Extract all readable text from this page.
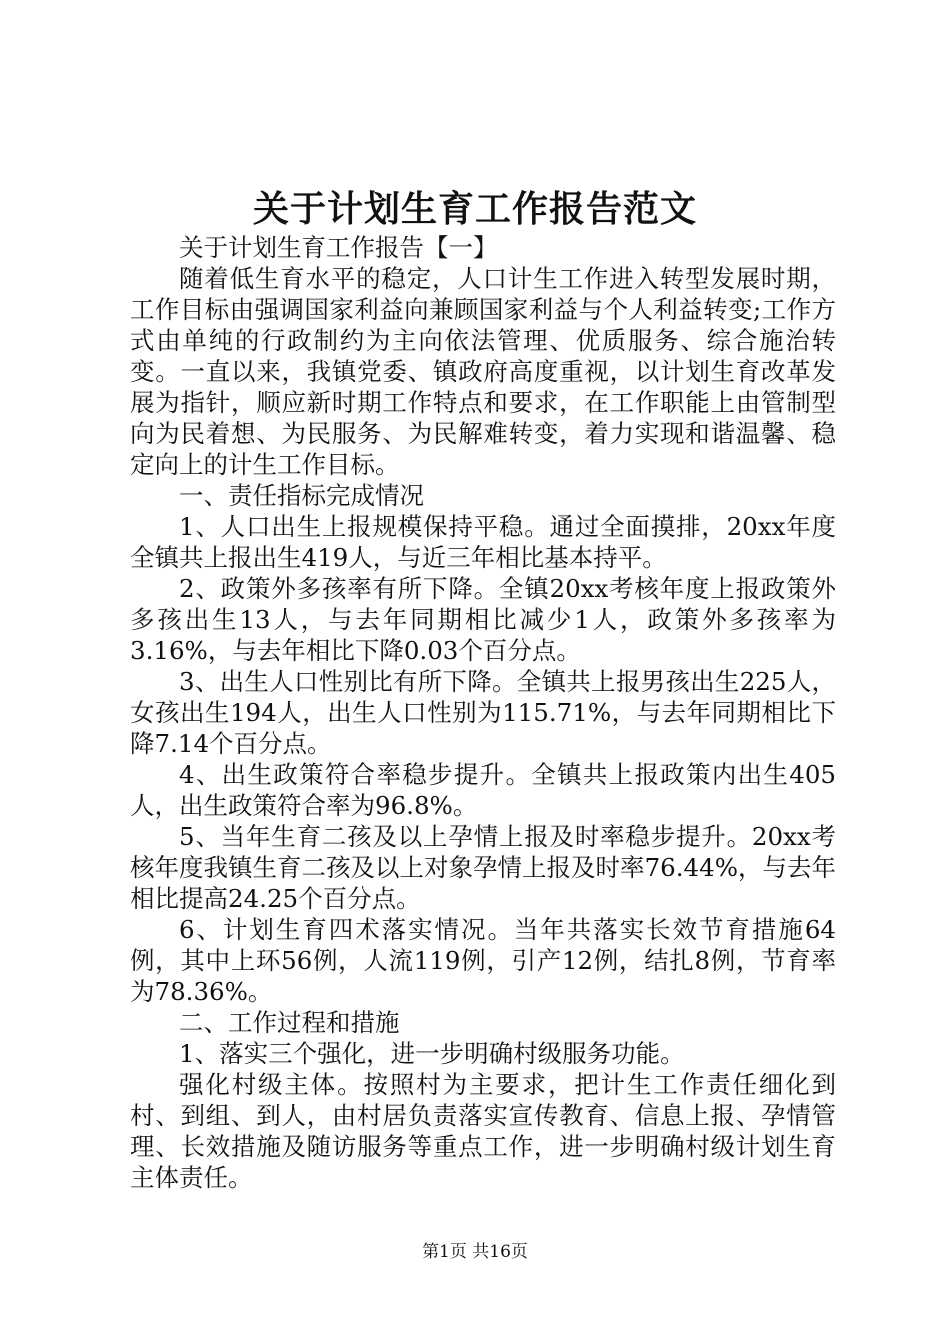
关于计划生育工作报告范文

关于计划生育工作报告【一】

随着低生育水平的稳定，人口计生工作进入转型发展时期，工作目标由强调国家利益向兼顾国家利益与个人利益转变;工作方式由单纯的行政制约为主向依法管理、优质服务、综合施治转变。一直以来，我镇党委、镇政府高度重视，以计划生育改革发展为指针，顺应新时期工作特点和要求，在工作职能上由管制型向为民着想、为民服务、为民解难转变，着力实现和谐温馨、稳定向上的计生工作目标。

一、责任指标完成情况

1、人口出生上报规模保持平稳。通过全面摸排，20xx年度全镇共上报出生419人，与近三年相比基本持平。

2、政策外多孩率有所下降。全镇20xx考核年度上报政策外多孩出生13人，与去年同期相比减少1人，政策外多孩率为3.16%，与去年相比下降0.03个百分点。

3、出生人口性别比有所下降。全镇共上报男孩出生225人，女孩出生194人，出生人口性别为115.71%，与去年同期相比下降7.14个百分点。

4、出生政策符合率稳步提升。全镇共上报政策内出生405人，出生政策符合率为96.8%。

5、当年生育二孩及以上孕情上报及时率稳步提升。20xx考核年度我镇生育二孩及以上对象孕情上报及时率76.44%，与去年相比提高24.25个百分点。

6、计划生育四术落实情况。当年共落实长效节育措施64例，其中上环56例，人流119例，引产12例，结扎8例，节育率为78.36%。

二、工作过程和措施

1、落实三个强化，进一步明确村级服务功能。

强化村级主体。按照村为主要求，把计生工作责任细化到村、到组、到人，由村居负责落实宣传教育、信息上报、孕情管理、长效措施及随访服务等重点工作，进一步明确村级计划生育主体责任。

第1页 共16页
